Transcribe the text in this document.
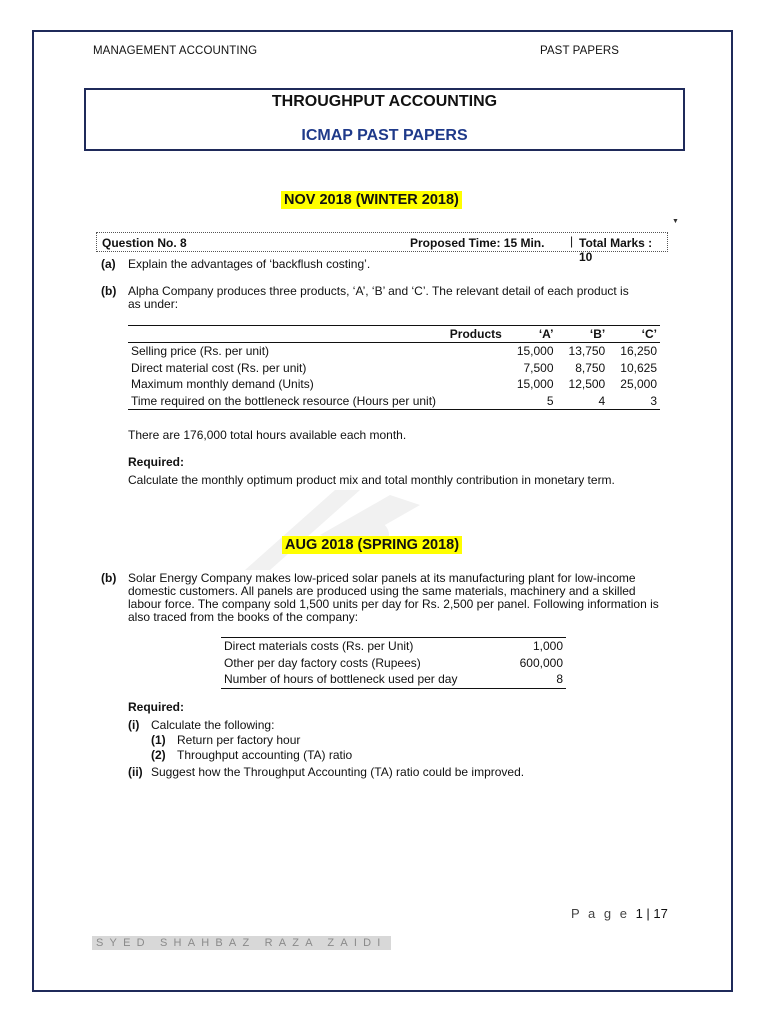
MANAGEMENT ACCOUNTING	PAST PAPERS
THROUGHPUT ACCOUNTING
ICMAP PAST PAPERS
NOV 2018 (WINTER 2018)
▼
Question No. 8	Proposed Time: 15 Min. | Total Marks : 10
(a) Explain the advantages of ‘backflush costing’.
(b) Alpha Company produces three products, ‘A’, ‘B’ and ‘C’. The relevant detail of each product is
as under:
Products	‘A’	‘B’	‘C’
Selling price (Rs. per unit)	15,000	13,750	16,250
Direct material cost (Rs. per unit)	7,500	8,750	10,625
Maximum monthly demand (Units)	15,000	12,500	25,000
Time required on the bottleneck resource (Hours per unit)	5	4	3
There are 176,000 total hours available each month.
Required:
Calculate the monthly optimum product mix and total monthly contribution in monetary term.
AUG 2018 (SPRING 2018)
(b) Solar Energy Company makes low-priced solar panels at its manufacturing plant for low-income
domestic customers. All panels are produced using the same materials, machinery and a skilled
labour force. The company sold 1,500 units per day for Rs. 2,500 per panel. Following information is
also traced from the books of the company:
Direct materials costs (Rs. per Unit)	1,000
Other per day factory costs (Rupees)	600,000
Number of hours of bottleneck used per day	8
Required:
(i) Calculate the following:
(1) Return per factory hour
(2) Throughput accounting (TA) ratio
(ii) Suggest how the Throughput Accounting (TA) ratio could be improved.
P a g e 1 | 17
SYED SHAHBAZ RAZA ZAIDI
